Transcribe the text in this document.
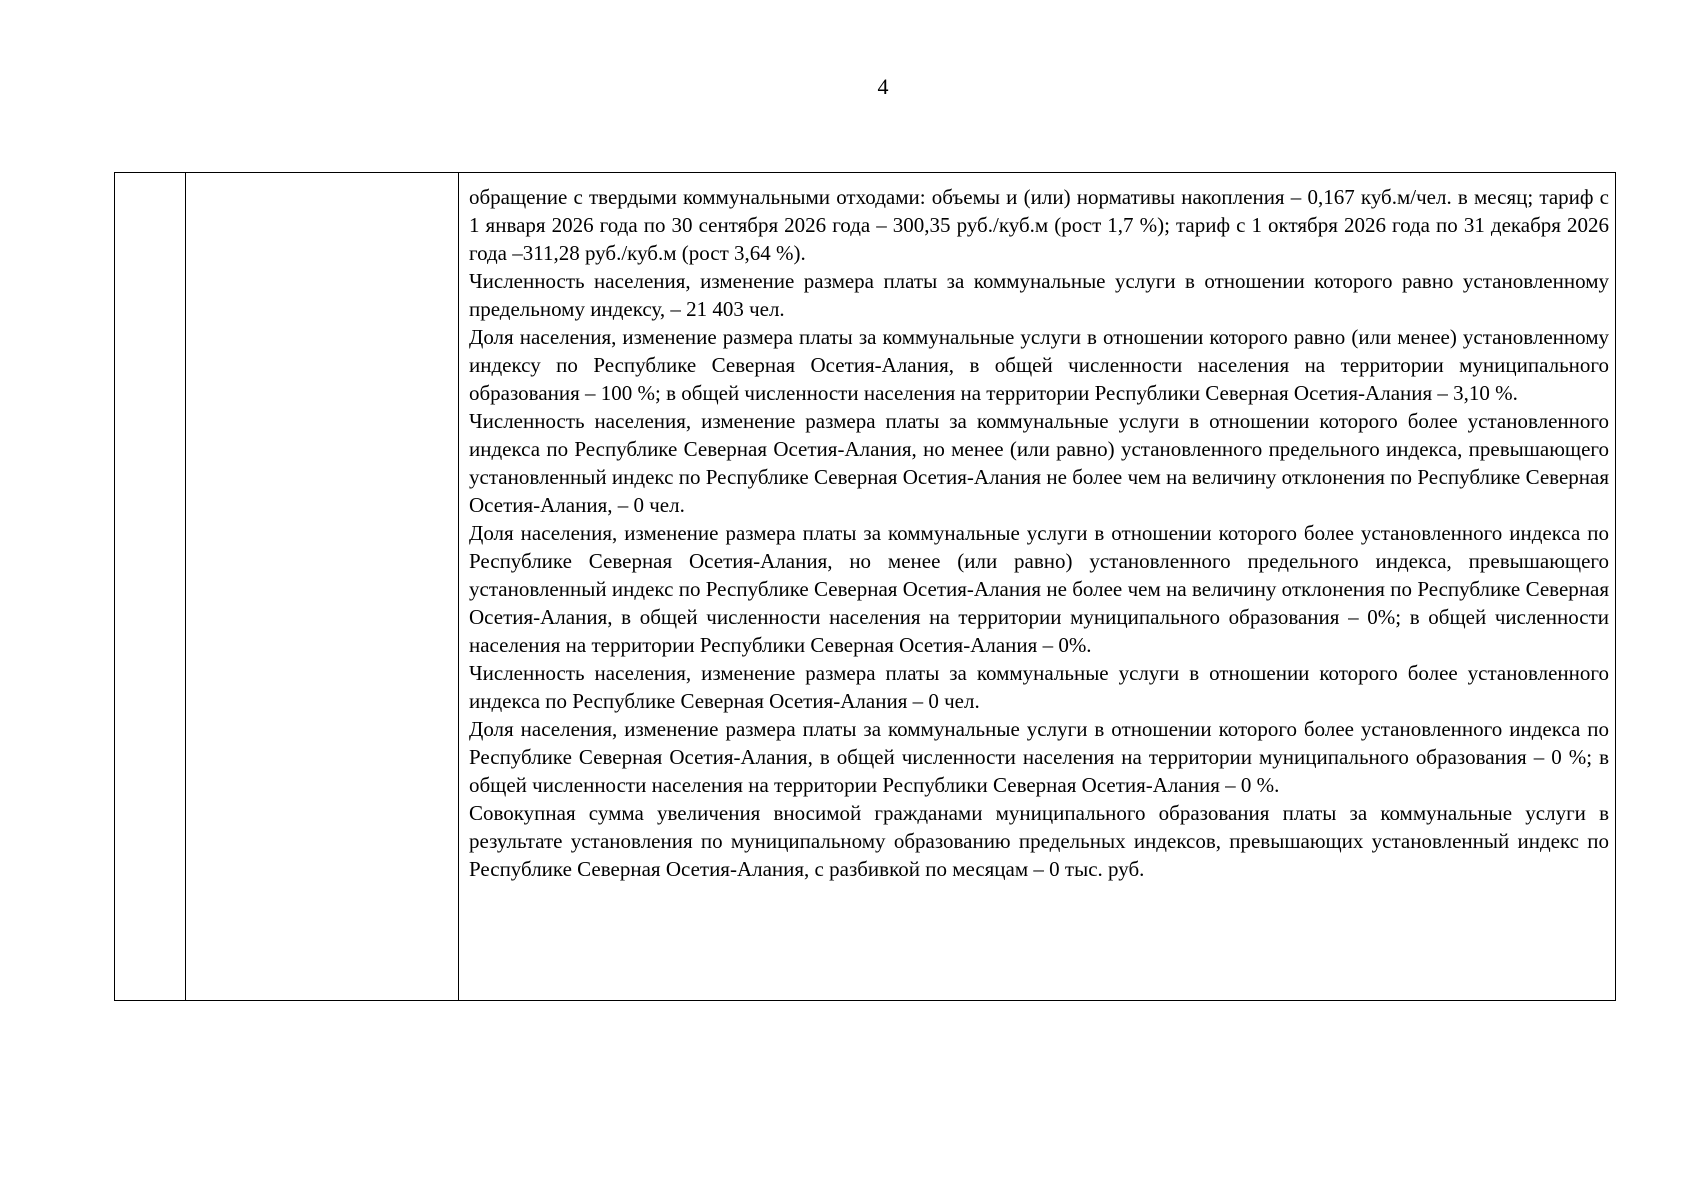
4

обращение с твердыми коммунальными отходами: объемы и (или) нормативы накопления – 0,167 куб.м/чел. в месяц; тариф с 1 января 2026 года по 30 сентября 2026 года – 300,35 руб./куб.м (рост 1,7 %); тариф с 1 октября 2026 года по 31 декабря 2026 года –311,28 руб./куб.м (рост 3,64 %).

Численность населения, изменение размера платы за коммунальные услуги в отношении которого равно установленному предельному индексу, – 21 403 чел.

Доля населения, изменение размера платы за коммунальные услуги в отношении которого равно (или менее) установленному индексу по Республике Северная Осетия-Алания, в общей численности населения на территории муниципального образования – 100 %; в общей численности населения на территории Республики Северная Осетия-Алания – 3,10 %.

Численность населения, изменение размера платы за коммунальные услуги в отношении которого более установленного индекса по Республике Северная Осетия-Алания, но менее (или равно) установленного предельного индекса, превышающего установленный индекс по Республике Северная Осетия-Алания не более чем на величину отклонения по Республике Северная Осетия-Алания, – 0 чел.

Доля населения, изменение размера платы за коммунальные услуги в отношении которого более установленного индекса по Республике Северная Осетия-Алания, но менее (или равно) установленного предельного индекса, превышающего установленный индекс по Республике Северная Осетия-Алания не более чем на величину отклонения по Республике Северная Осетия-Алания, в общей численности населения на территории муниципального образования – 0%; в общей численности населения на территории Республики Северная Осетия-Алания – 0%.

Численность населения, изменение размера платы за коммунальные услуги в отношении которого более установленного индекса по Республике Северная Осетия-Алания – 0 чел.

Доля населения, изменение размера платы за коммунальные услуги в отношении которого более установленного индекса по Республике Северная Осетия-Алания, в общей численности населения на территории муниципального образования – 0 %; в общей численности населения на территории Республики Северная Осетия-Алания – 0 %.

Совокупная сумма увеличения вносимой гражданами муниципального образования платы за коммунальные услуги в результате установления по муниципальному образованию предельных индексов, превышающих установленный индекс по Республике Северная Осетия-Алания, с разбивкой по месяцам – 0 тыс. руб.
